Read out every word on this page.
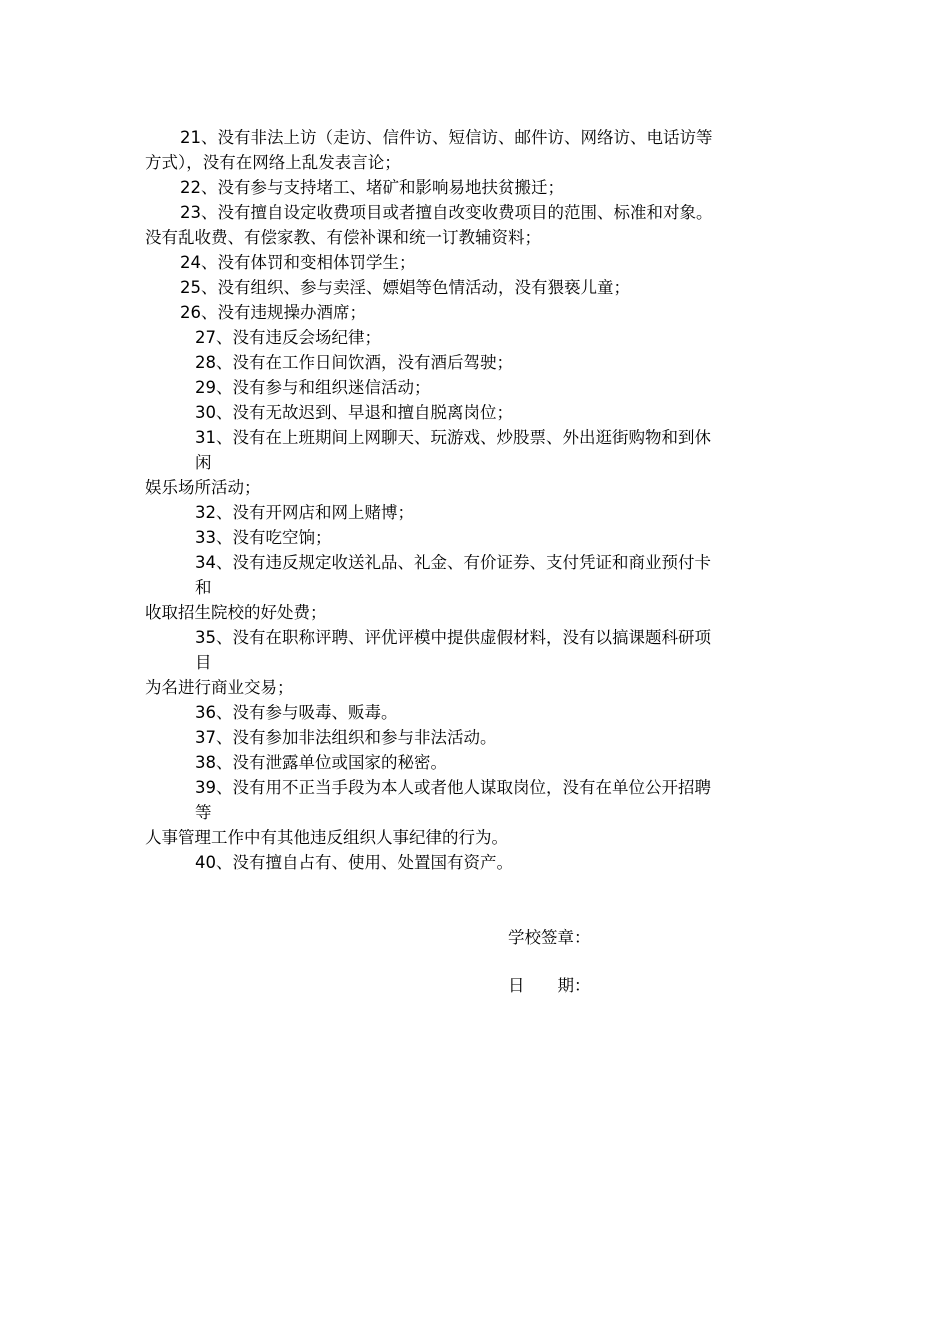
21、没有非法上访（走访、信件访、短信访、邮件访、网络访、电话访等
方式），没有在网络上乱发表言论；
22、没有参与支持堵工、堵矿和影响易地扶贫搬迁；
23、没有擅自设定收费项目或者擅自改变收费项目的范围、标准和对象。
没有乱收费、有偿家教、有偿补课和统一订教辅资料；
24、没有体罚和变相体罚学生；
25、没有组织、参与卖淫、嫖娼等色情活动，没有猥亵儿童；
26、没有违规操办酒席；
27、没有违反会场纪律；
28、没有在工作日间饮酒，没有酒后驾驶；
29、没有参与和组织迷信活动；
30、没有无故迟到、早退和擅自脱离岗位；
31、没有在上班期间上网聊天、玩游戏、炒股票、外出逛街购物和到休
闲
娱乐场所活动；
32、没有开网店和网上赌博；
33、没有吃空饷；
34、没有违反规定收送礼品、礼金、有价证券、支付凭证和商业预付卡
和
收取招生院校的好处费；
35、没有在职称评聘、评优评模中提供虚假材料，没有以搞课题科研项
目
为名进行商业交易；
36、没有参与吸毒、贩毒。
37、没有参加非法组织和参与非法活动。
38、没有泄露单位或国家的秘密。
39、没有用不正当手段为本人或者他人谋取岗位，没有在单位公开招聘
等
人事管理工作中有其他违反组织人事纪律的行为。
40、没有擅自占有、使用、处置国有资产。
学校签章：
日　　期：
